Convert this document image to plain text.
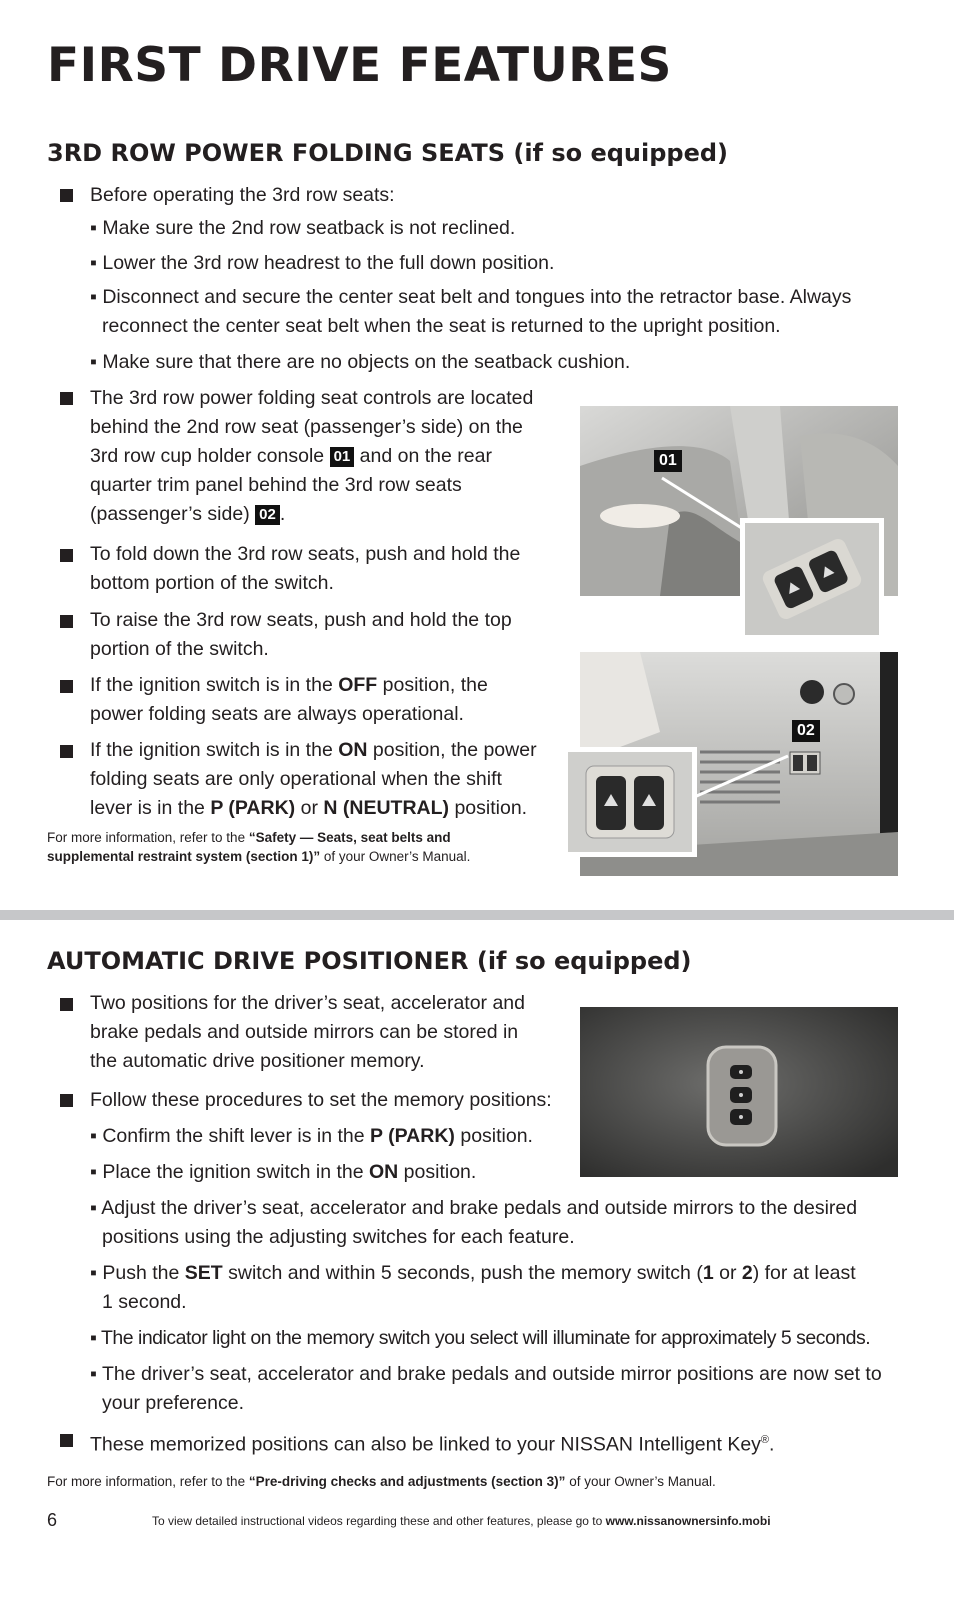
FIRST DRIVE FEATURES
3RD ROW POWER FOLDING SEATS (if so equipped)
Before operating the 3rd row seats:
▪ Make sure the 2nd row seatback is not reclined.
▪ Lower the 3rd row headrest to the full down position.
▪ Disconnect and secure the center seat belt and tongues into the retractor base. Always
reconnect the center seat belt when the seat is returned to the upright position.
▪ Make sure that there are no objects on the seatback cushion.
The 3rd row power folding seat controls are located
behind the 2nd row seat (passenger’s side) on the
3rd row cup holder console 01 and on the rear
quarter trim panel behind the 3rd row seats
(passenger’s side) 02 .
To fold down the 3rd row seats, push and hold the
bottom portion of the switch.
To raise the 3rd row seats, push and hold the top
portion of the switch.
If the ignition switch is in the OFF position, the
power folding seats are always operational.
If the ignition switch is in the ON position, the power
folding seats are only operational when the shift
lever is in the P (PARK) or N (NEUTRAL) position.
For more information, refer to the “Safety — Seats, seat belts and
supplemental restraint system (section 1)” of your Owner’s Manual.
01
02
AUTOMATIC DRIVE POSITIONER (if so equipped)
Two positions for the driver’s seat, accelerator and
brake pedals and outside mirrors can be stored in
the automatic drive positioner memory.
Follow these procedures to set the memory positions:
▪ Confirm the shift lever is in the P (PARK) position.
▪ Place the ignition switch in the ON position.
▪ Adjust the driver’s seat, accelerator and brake pedals and outside mirrors to the desired
positions using the adjusting switches for each feature.
▪ Push the SET switch and within 5 seconds, push the memory switch (1 or 2) for at least
1 second.
▪ The indicator light on the memory switch you select will illuminate for approximately 5 seconds.
▪ The driver’s seat, accelerator and brake pedals and outside mirror positions are now set to
your preference.
These memorized positions can also be linked to your NISSAN Intelligent Key®.
For more information, refer to the “Pre-driving checks and adjustments (section 3)” of your Owner’s Manual.
6	To view detailed instructional videos regarding these and other features, please go to www.nissanownersinfo.mobi
